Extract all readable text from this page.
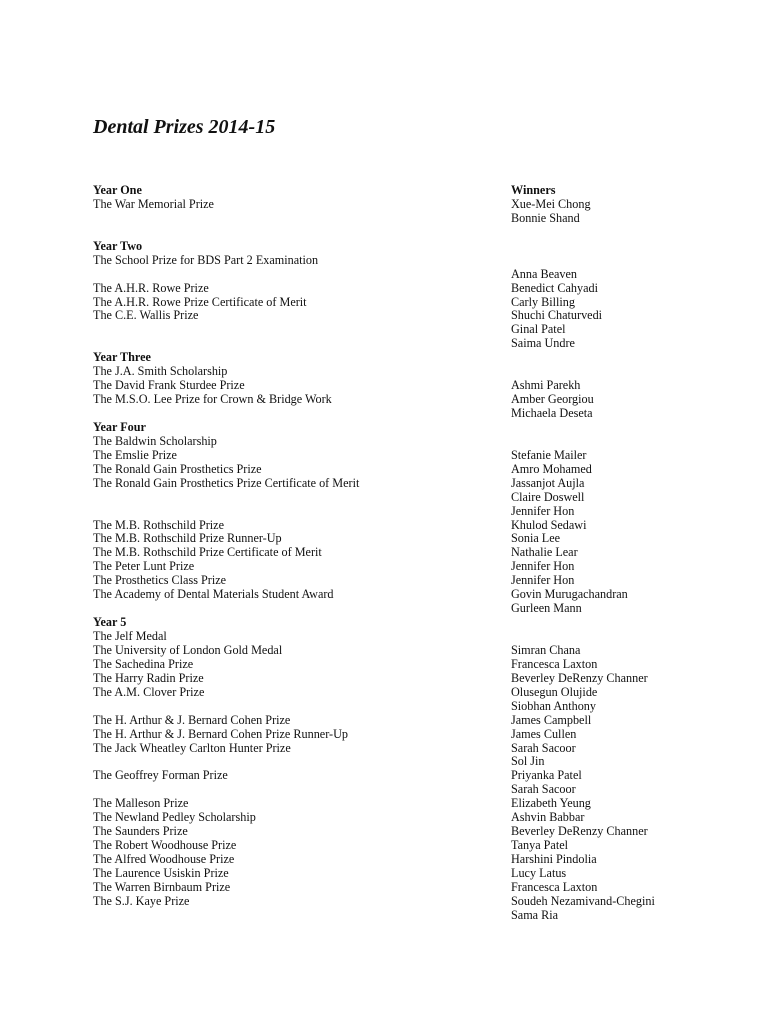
Dental Prizes 2014-15
Year One
The War Memorial Prize
Year Two
The School Prize for BDS Part 2 Examination
The A.H.R. Rowe Prize
The A.H.R. Rowe Prize Certificate of Merit
The C.E. Wallis Prize
Year Three
The J.A. Smith Scholarship
The David Frank Sturdee Prize
The M.S.O. Lee Prize for Crown & Bridge Work
Year Four
The Baldwin Scholarship
The Emslie Prize
The Ronald Gain Prosthetics Prize
The Ronald Gain Prosthetics Prize Certificate of Merit
The M.B. Rothschild Prize
The M.B. Rothschild Prize Runner-Up
The M.B. Rothschild Prize Certificate of Merit
The Peter Lunt Prize
The Prosthetics Class Prize
The Academy of Dental Materials Student Award
Year 5
The Jelf Medal
The University of London Gold Medal
The Sachedina Prize
The Harry Radin Prize
The A.M. Clover Prize
The H. Arthur & J. Bernard Cohen Prize
The H. Arthur & J. Bernard Cohen Prize Runner-Up
The Jack Wheatley Carlton Hunter Prize
The Geoffrey Forman Prize
The Malleson Prize
The Newland Pedley Scholarship
The Saunders Prize
The Robert Woodhouse Prize
The Alfred Woodhouse Prize
The Laurence Usiskin Prize
The Warren Birnbaum Prize
The S.J. Kaye Prize
Winners
Xue-Mei Chong
Bonnie Shand
Anna Beaven
Benedict Cahyadi
Carly Billing
Shuchi Chaturvedi
Ginal Patel
Saima Undre
Ashmi Parekh
Amber Georgiou
Michaela Deseta
Stefanie Mailer
Amro Mohamed
Jassanjot Aujla
Claire Doswell
Jennifer Hon
Khulod Sedawi
Sonia Lee
Nathalie Lear
Jennifer Hon
Jennifer Hon
Govin Murugachandran
Gurleen Mann
Simran Chana
Francesca Laxton
Beverley DeRenzy Channer
Olusegun Olujide
Siobhan Anthony
James Campbell
James Cullen
Sarah Sacoor
Sol Jin
Priyanka Patel
Sarah Sacoor
Elizabeth Yeung
Ashvin Babbar
Beverley DeRenzy Channer
Tanya Patel
Harshini Pindolia
Lucy Latus
Francesca Laxton
Soudeh Nezamivand-Chegini
Sama Ria
